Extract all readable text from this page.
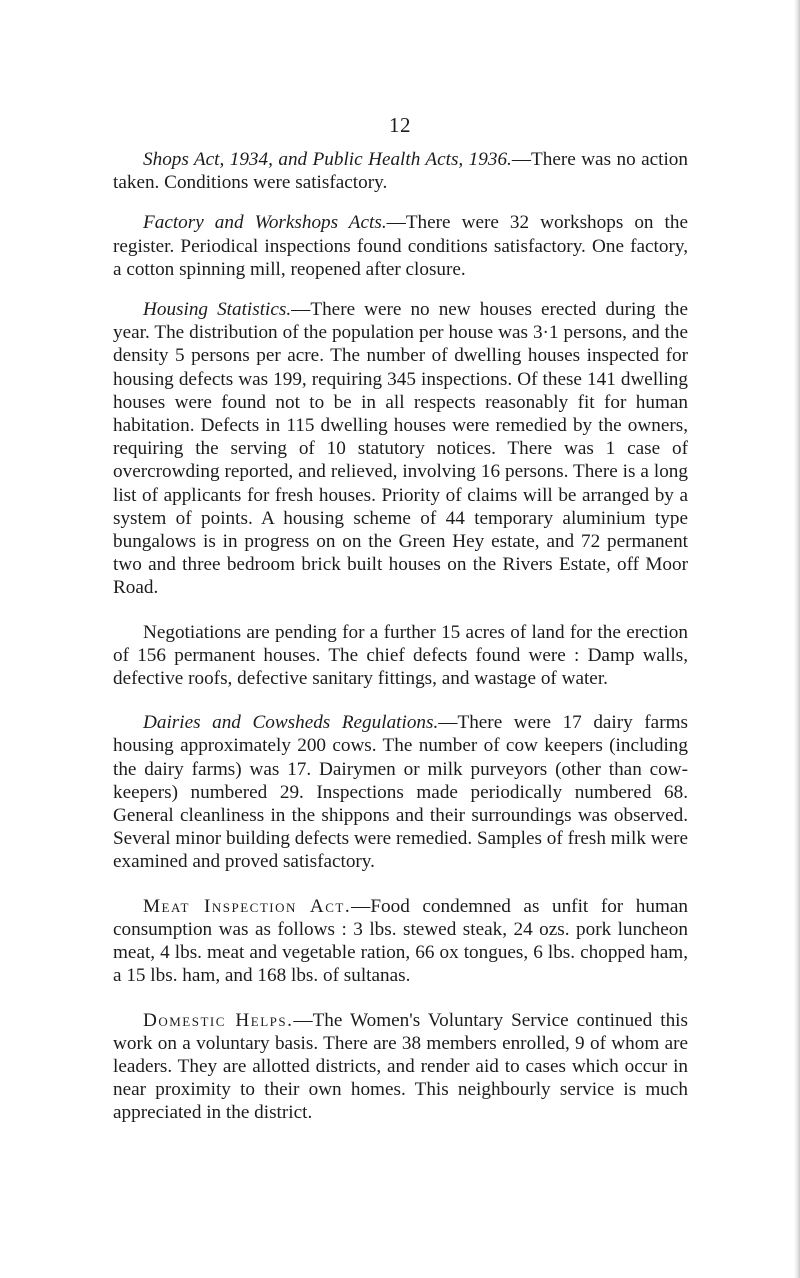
12

Shops Act, 1934, and Public Health Acts, 1936.—There was no action taken. Conditions were satisfactory.

Factory and Workshops Acts.—There were 32 workshops on the register. Periodical inspections found conditions satisfactory. One factory, a cotton spinning mill, reopened after closure.

Housing Statistics.—There were no new houses erected during the year. The distribution of the population per house was 3·1 persons, and the density 5 persons per acre. The number of dwelling houses inspected for housing defects was 199, requiring 345 inspections. Of these 141 dwelling houses were found not to be in all respects reasonably fit for human habitation. Defects in 115 dwelling houses were remedied by the owners, requiring the serving of 10 statutory notices. There was 1 case of overcrowding reported, and relieved, involving 16 persons. There is a long list of applicants for fresh houses. Priority of claims will be arranged by a system of points. A housing scheme of 44 temporary aluminium type bungalows is in progress on on the Green Hey estate, and 72 permanent two and three bedroom brick built houses on the Rivers Estate, off Moor Road.

Negotiations are pending for a further 15 acres of land for the erection of 156 permanent houses. The chief defects found were : Damp walls, defective roofs, defective sanitary fittings, and wastage of water.

Dairies and Cowsheds Regulations.—There were 17 dairy farms housing approximately 200 cows. The number of cow keepers (including the dairy farms) was 17. Dairymen or milk purveyors (other than cow-keepers) numbered 29. Inspections made periodically numbered 68. General cleanliness in the shippons and their surroundings was observed. Several minor building defects were remedied. Samples of fresh milk were examined and proved satisfactory.

Meat Inspection Act.—Food condemned as unfit for human consumption was as follows : 3 lbs. stewed steak, 24 ozs. pork luncheon meat, 4 lbs. meat and vegetable ration, 66 ox tongues, 6 lbs. chopped ham, a 15 lbs. ham, and 168 lbs. of sultanas.

Domestic Helps.—The Women's Voluntary Service continued this work on a voluntary basis. There are 38 members enrolled, 9 of whom are leaders. They are allotted districts, and render aid to cases which occur in near proximity to their own homes. This neighbourly service is much appreciated in the district.
